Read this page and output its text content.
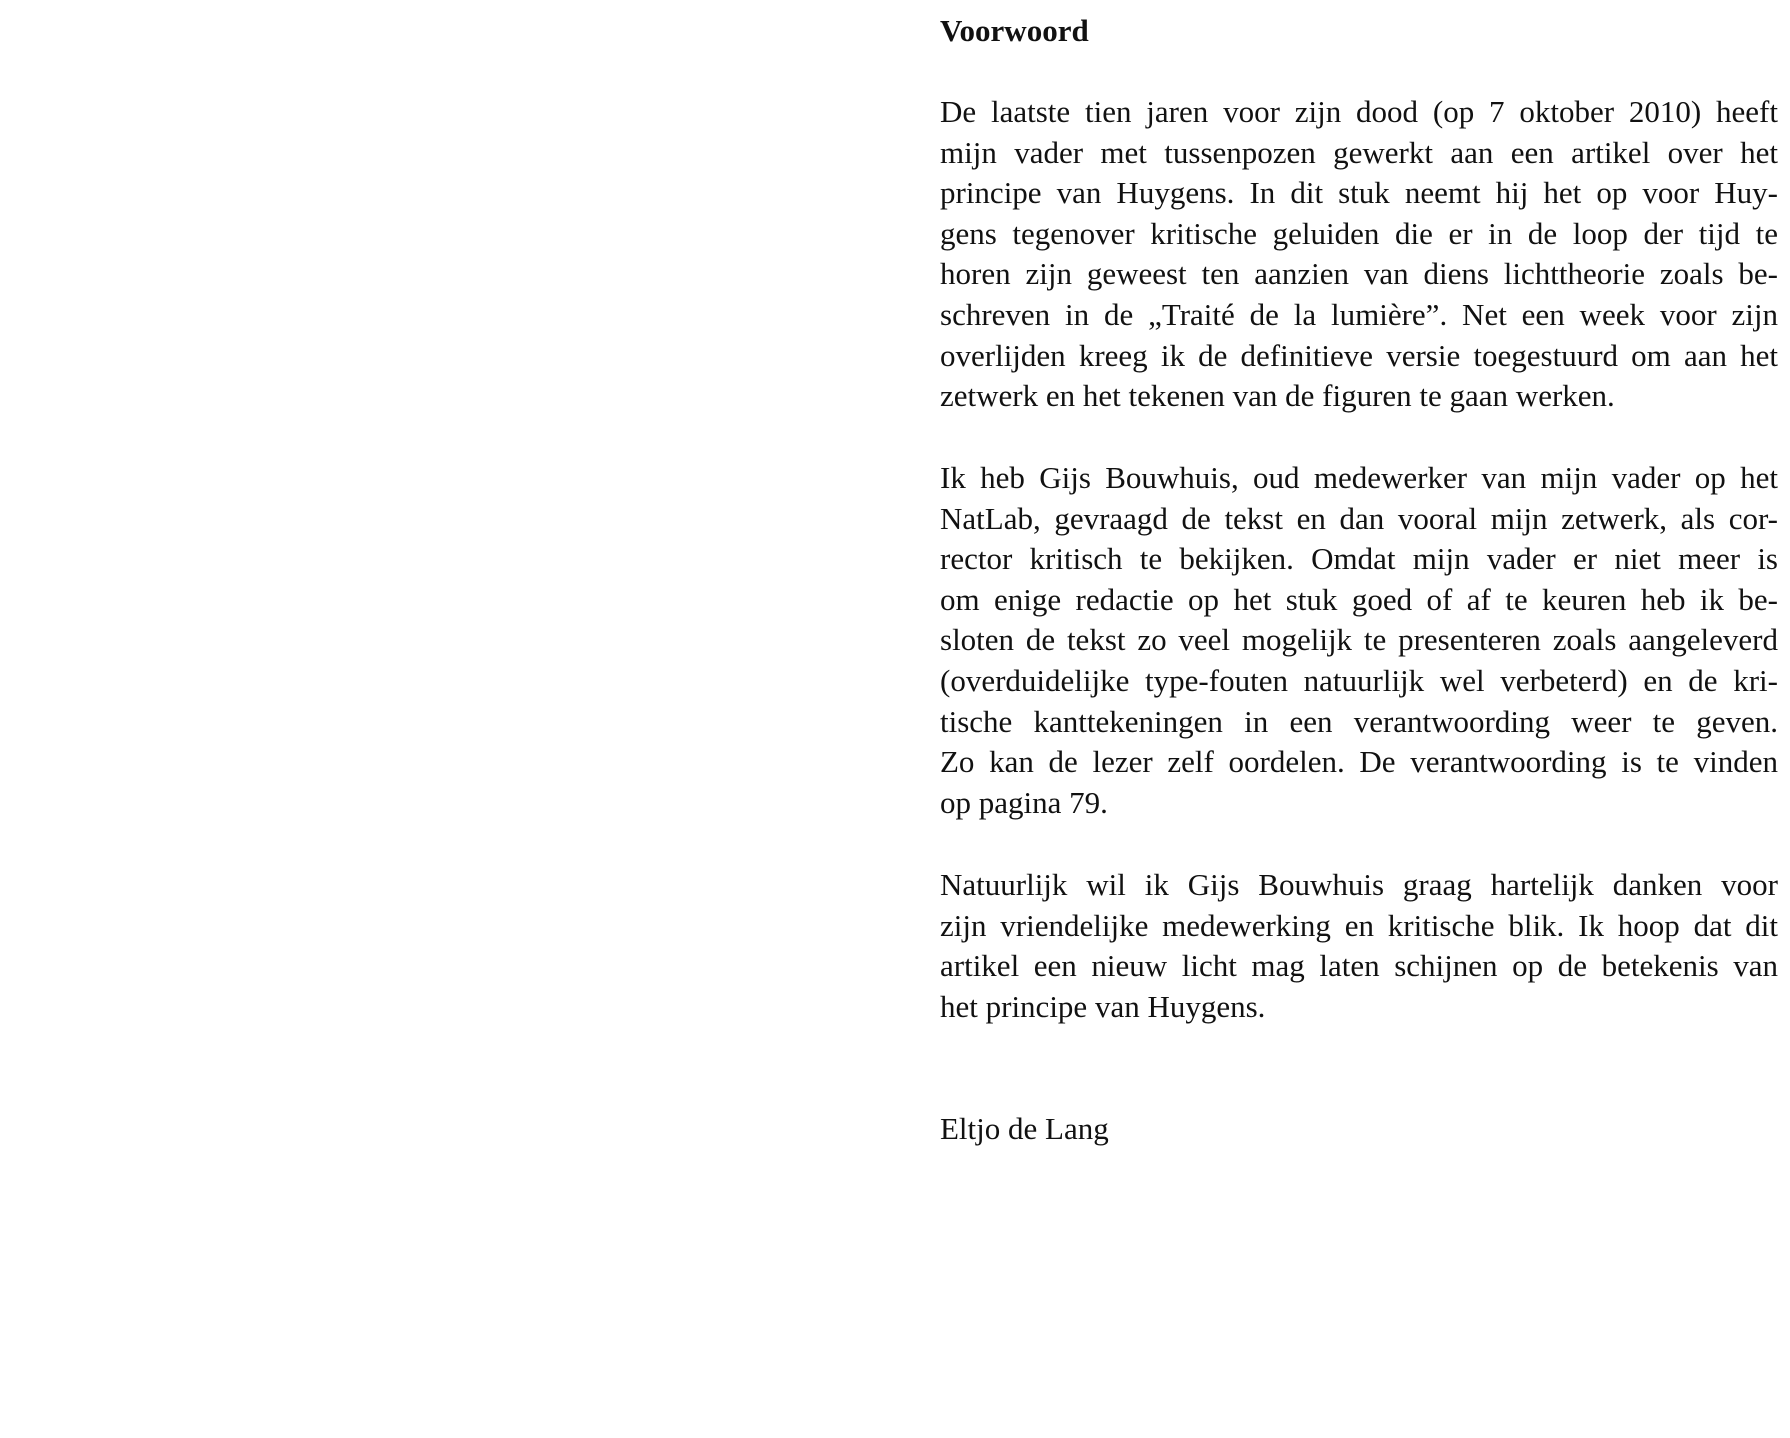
Voorwoord

De laatste tien jaren voor zijn dood (op 7 oktober 2010) heeft
mijn vader met tussenpozen gewerkt aan een artikel over het
principe van Huygens. In dit stuk neemt hij het op voor Huy-
gens tegenover kritische geluiden die er in de loop der tijd te
horen zijn geweest ten aanzien van diens lichttheorie zoals be-
schreven in de „Traité de la lumière”. Net een week voor zijn
overlijden kreeg ik de definitieve versie toegestuurd om aan het
zetwerk en het tekenen van de figuren te gaan werken.

Ik heb Gijs Bouwhuis, oud medewerker van mijn vader op het
NatLab, gevraagd de tekst en dan vooral mijn zetwerk, als cor-
rector kritisch te bekijken. Omdat mijn vader er niet meer is
om enige redactie op het stuk goed of af te keuren heb ik be-
sloten de tekst zo veel mogelijk te presenteren zoals aangeleverd
(overduidelijke type-fouten natuurlijk wel verbeterd) en de kri-
tische kanttekeningen in een verantwoording weer te geven.
Zo kan de lezer zelf oordelen. De verantwoording is te vinden
op pagina 79.

Natuurlijk wil ik Gijs Bouwhuis graag hartelijk danken voor
zijn vriendelijke medewerking en kritische blik. Ik hoop dat dit
artikel een nieuw licht mag laten schijnen op de betekenis van
het principe van Huygens.

Eltjo de Lang
